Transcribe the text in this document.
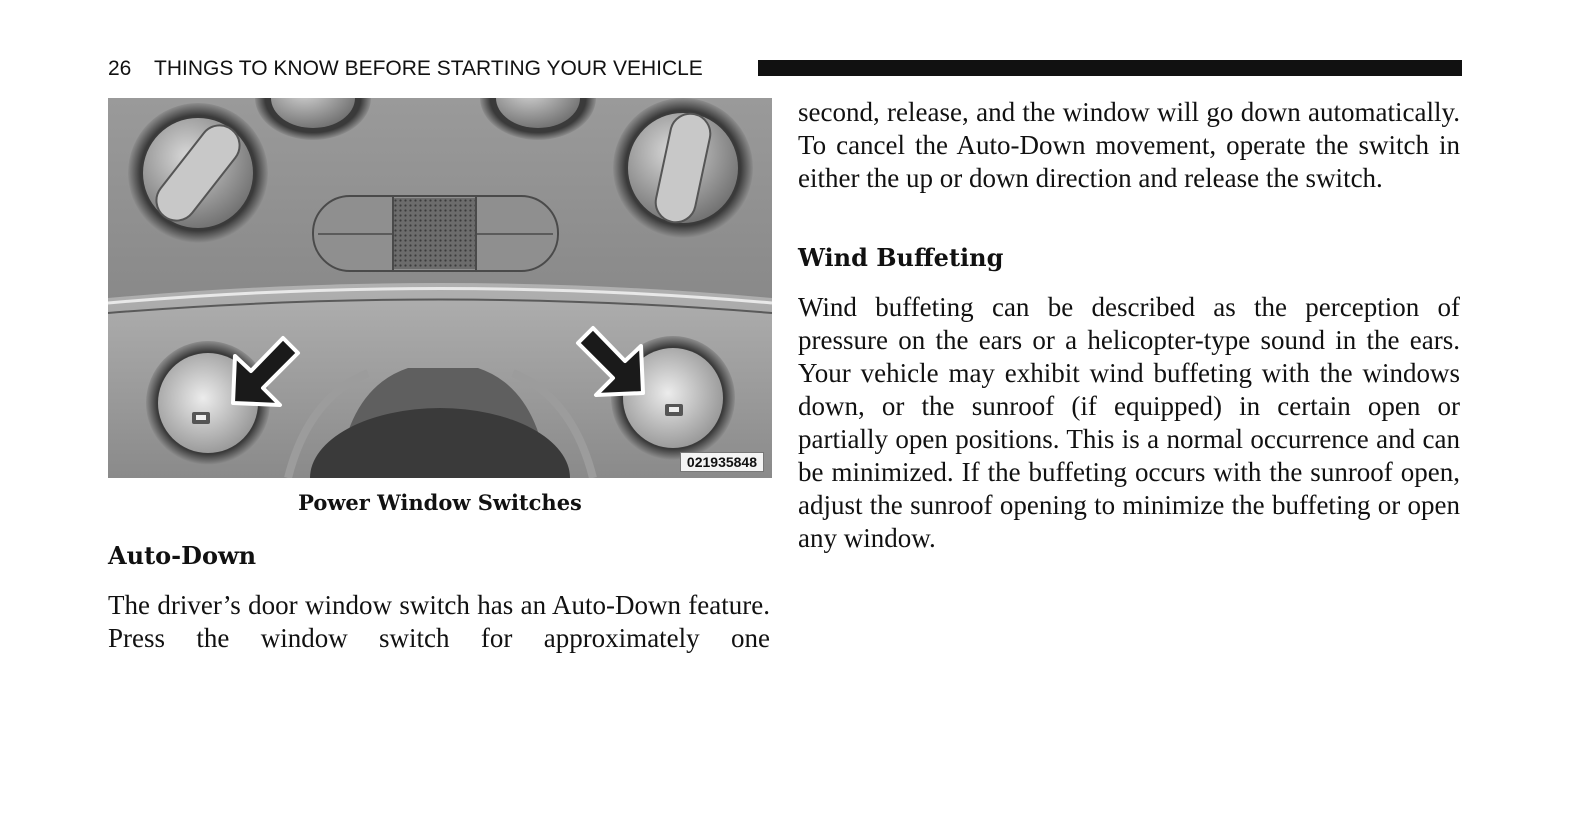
26 THINGS TO KNOW BEFORE STARTING YOUR VEHICLE
021935848
Power Window Switches
Auto-Down

The driver’s door window switch has an Auto-Down feature. Press the window switch for approximately one

second, release, and the window will go down automatically. To cancel the Auto-Down movement, operate the switch in either the up or down direction and release the switch.

Wind Buffeting

Wind buffeting can be described as the perception of pressure on the ears or a helicopter-type sound in the ears. Your vehicle may exhibit wind buffeting with the windows down, or the sunroof (if equipped) in certain open or partially open positions. This is a normal occurrence and can be minimized. If the buffeting occurs with the sunroof open, adjust the sunroof opening to minimize the buffeting or open any window.
